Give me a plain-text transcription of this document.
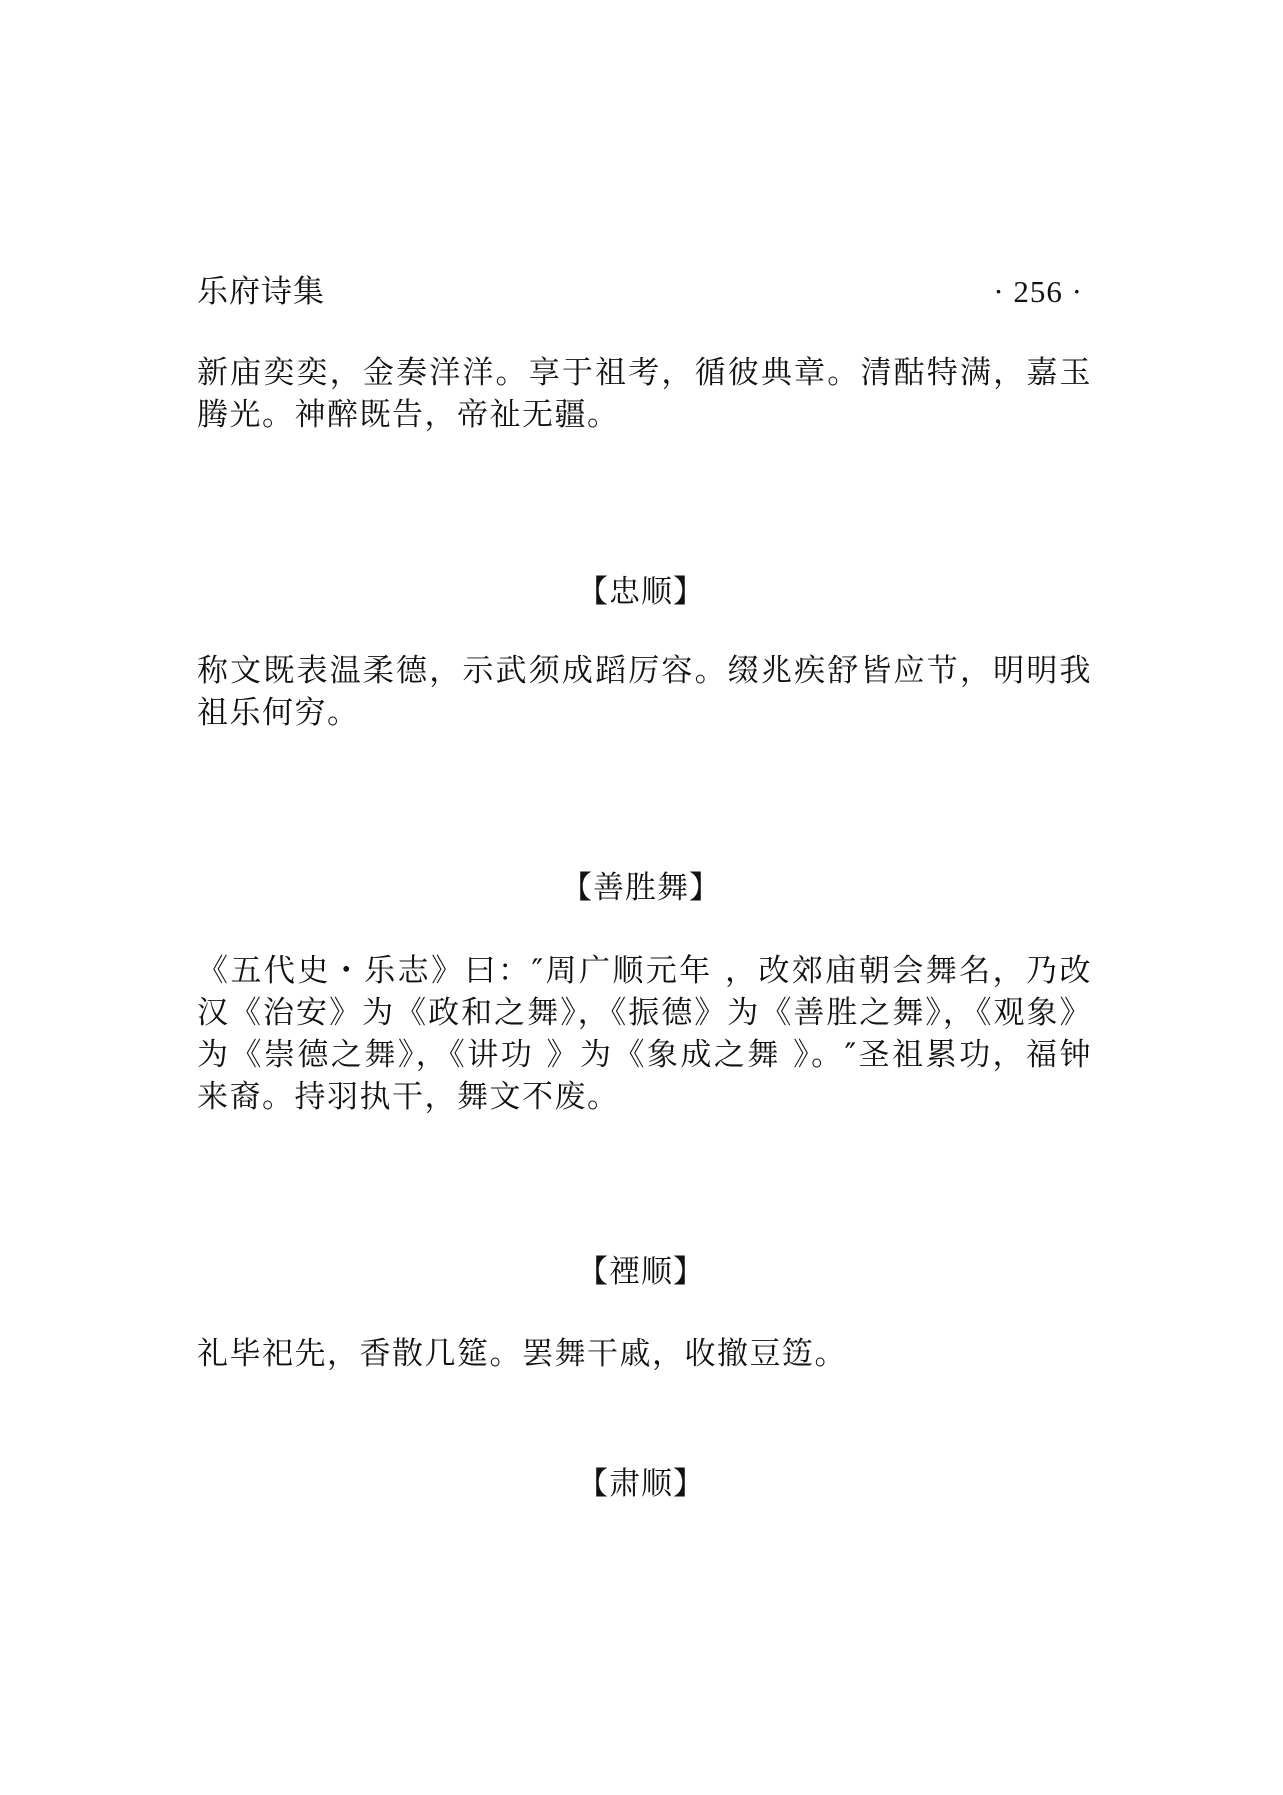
乐府诗集	· 256 ·

新庙奕奕，金奏洋洋。享于祖考，循彼典章。清酤特满，嘉玉腾光。神醉既告，帝祉无疆。

【忠顺】

称文既表温柔德，示武须成蹈厉容。缀兆疾舒皆应节，明明我祖乐何穷。

【善胜舞】

《五代史・乐志》曰：″周广顺元年 ，改郊庙朝会舞名，乃改汉《治安》为《政和之舞》，《振德》为《善胜之舞》，《观象》为《崇德之舞》，《讲功 》为《象成之舞 》。″圣祖累功，福钟来裔。持羽执干，舞文不废。

【禋顺】

礼毕祀先，香散几筵。罢舞干戚，收撤豆笾。

【肃顺】
